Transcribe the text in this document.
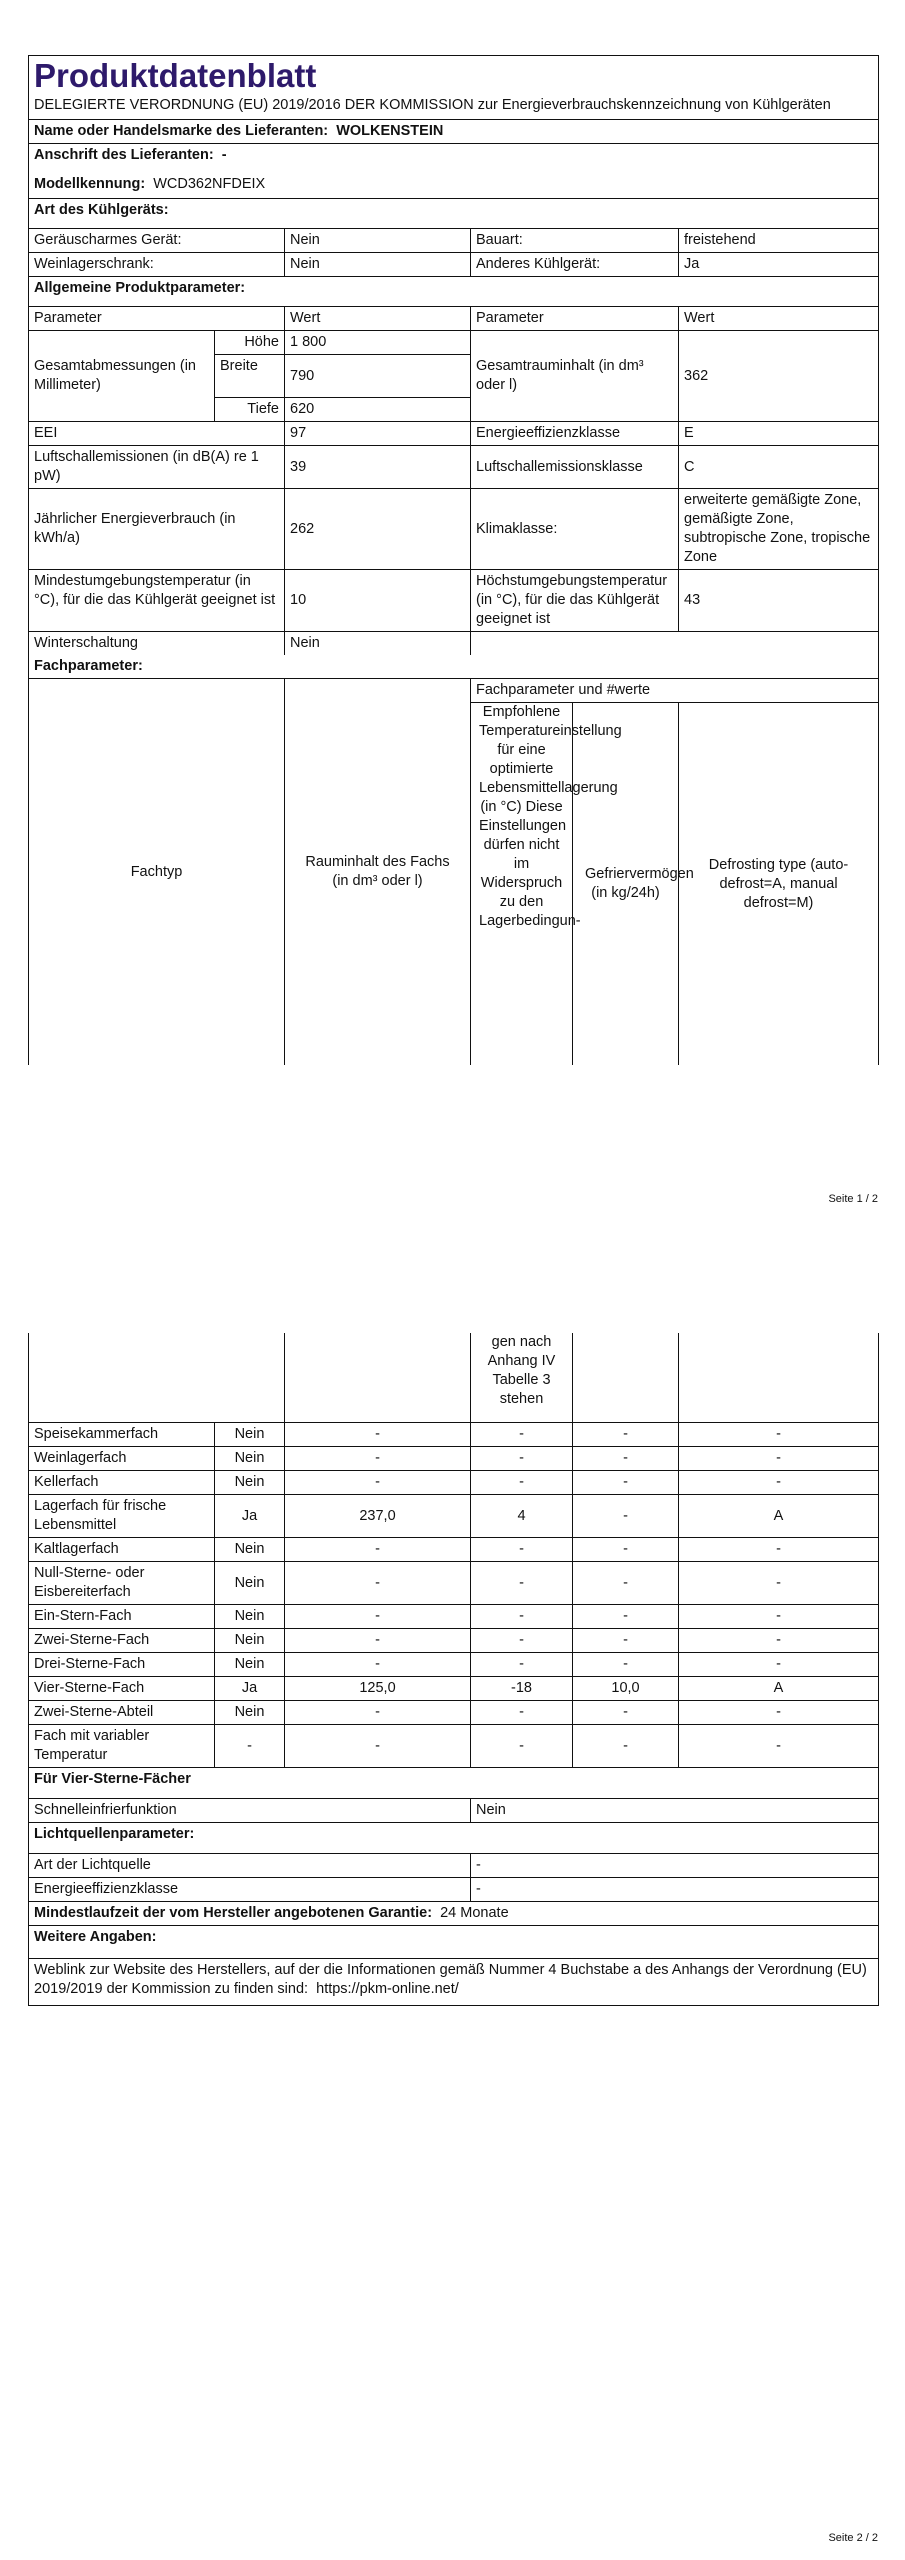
Produktdatenblatt
DELEGIERTE VERORDNUNG (EU) 2019/2016 DER KOMMISSION zur Energieverbrauchskennzeichnung von Kühlgeräten					

Name oder Handelsmarke des Lieferanten: WOLKENSTEIN					
Anschrift des Lieferanten: -					
Modellkennung: WCD362NFDEIX					
Art des Kühlgeräts:					
Geräuscharmes Gerät:		Nein	Bauart:		freistehend
Weinlagerschrank:		Nein	Anderes Kühlgerät:		Ja
Allgemeine Produktparameter:					
Parameter		Wert	Parameter		Wert
Gesamtabmessungen (in Millimeter)	Höhe	1 800	Gesamtrauminhalt (in dm³ oder l)		362
	Breite	790			
	Tiefe	620			
EEI		97	Energieeffizienzklasse		E
Luftschallemissionen (in dB(A) re 1 pW)		39	Luftschallemissionsklasse		C
Jährlicher Energieverbrauch (in kWh/a)		262	Klimaklasse:		erweiterte gemäßigte Zone, gemäßigte Zone, subtropische Zone, tropische Zone
Mindestumgebungstemperatur (in °C), für die das Kühlgerät geeignet ist		10	Höchstumgebungstemperatur (in °C), für die das Kühlgerät geeignet ist		43
Winterschaltung		Nein			
Fachparameter:					
Fachtyp		Rauminhalt des Fachs (in dm³ oder l)	Fachparameter und #werte		

			Empfohlene Temperatureinstellung für eine optimierte Lebensmittellagerung (in °C) Diese Einstellungen dürfen nicht im Widerspruch zu den Lagerbedingun-	Gefriervermögen (in kg/24h)	Defrosting type (auto-defrost=A, manual defrost=M)
Seite 1 / 2
			gen nach Anhang IV Tabelle 3 stehen		
Speisekammerfach	Nein	-	-	-	-
Weinlagerfach	Nein	-	-	-	-
Kellerfach	Nein	-	-	-	-
Lagerfach für frische Lebensmittel	Ja	237,0	4	-	A
Kaltlagerfach	Nein	-	-	-	-
Null-Sterne- oder Eisbereiterfach	Nein	-	-	-	-
Ein-Stern-Fach	Nein	-	-	-	-
Zwei-Sterne-Fach	Nein	-	-	-	-
Drei-Sterne-Fach	Nein	-	-	-	-
Vier-Sterne-Fach	Ja	125,0	-18	10,0	A
Zwei-Sterne-Abteil	Nein	-	-	-	-
Fach mit variabler Temperatur	-	-	-	-	-
Für Vier-Sterne-Fächer					
Schnelleinfrierfunktion			Nein		
Lichtquellenparameter:					
Art der Lichtquelle			-		
Energieeffizienzklasse			-		
Mindestlaufzeit der vom Hersteller angebotenen Garantie: 24 Monate					
Weitere Angaben:					
Weblink zur Website des Herstellers, auf der die Informationen gemäß Nummer 4 Buchstabe a des Anhangs der Verordnung (EU) 2019/2019 der Kommission zu finden sind: https://pkm-online.net/					
Seite 2 / 2
